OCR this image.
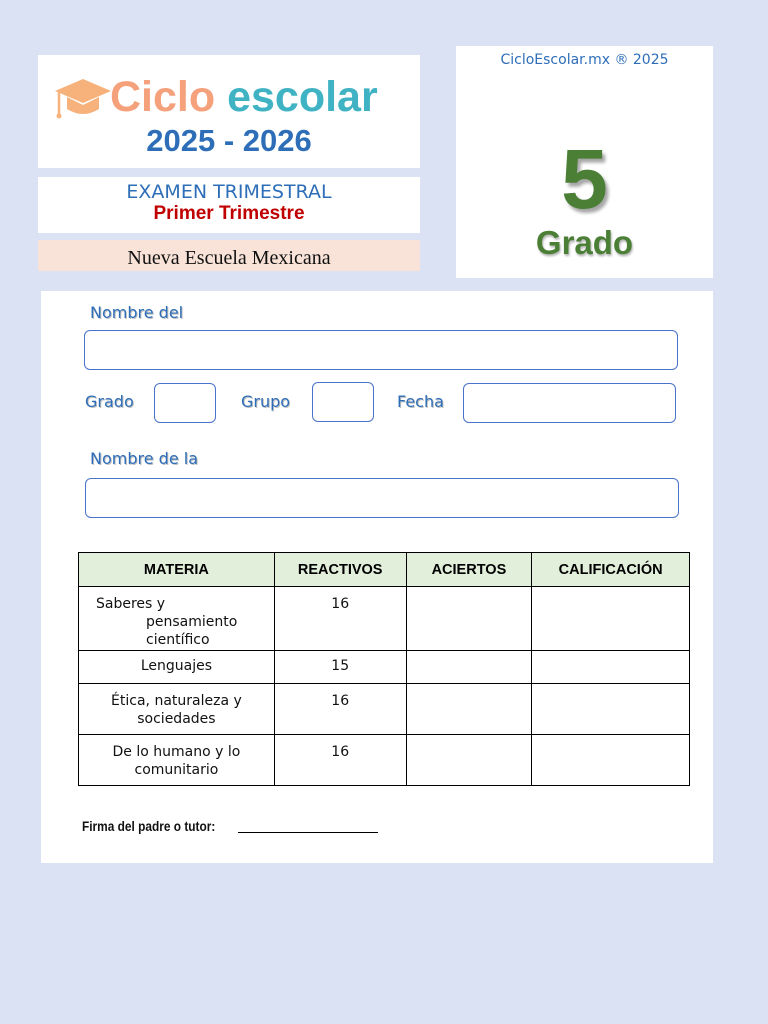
Ciclo escolar
2025 - 2026
EXAMEN TRIMESTRAL
Primer Trimestre
Nueva Escuela Mexicana
CicloEscolar.mx ® 2025
5
Grado
Nombre del
Grado	Grupo	Fecha
Nombre de la
MATERIA	REACTIVOS	ACIERTOS	CALIFICACIÓN

Saberes y
pensamiento
científico	16		
Lenguajes	15		

Ética, naturaleza y
sociedades	16		

De lo humano y lo
comunitario	16		
Firma del padre o tutor:
